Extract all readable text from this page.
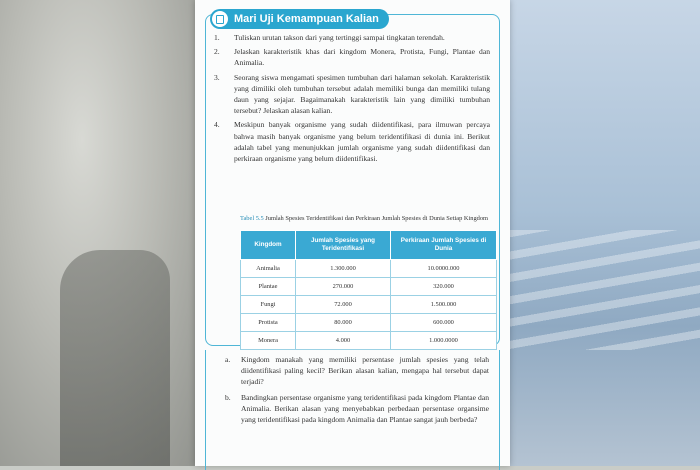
Mari Uji Kemampuan Kalian
1.	Tuliskan urutan takson dari yang tertinggi sampai tingkatan terendah.
2.	Jelaskan karakteristik khas dari kingdom Monera, Protista, Fungi, Plantae dan Animalia.
3.	Seorang siswa mengamati spesimen tumbuhan dari halaman sekolah. Karakteristik yang dimiliki oleh tumbuhan tersebut adalah memiliki bunga dan memiliki tulang daun yang sejajar. Bagaimanakah karakteristik lain yang dimiliki tumbuhan tersebut? Jelaskan alasan kalian.
4.	Meskipun banyak organisme yang sudah diidentifikasi, para ilmuwan percaya bahwa masih banyak organisme yang belum teridentifikasi di dunia ini. Berikut adalah tabel yang menunjukkan jumlah organisme yang sudah diidentifikasi dan perkiraan organisme yang belum diidentifikasi.
Tabel 5.5 Jumlah Spesies Teridentifikasi dan Perkiraan Jumlah Spesies di Dunia Setiap Kingdom
Kingdom	Jumlah Spesies yang Teridentifikasi	Perkiraan Jumlah Spesies di Dunia
Animalia	1.300.000	10.0000.000
Plantae	270.000	320.000
Fungi	72.000	1.500.000
Protista	80.000	600.000
Monera	4.000	1.000.0000
a.	Kingdom manakah yang memiliki persentase jumlah spesies yang telah diidentifikasi paling kecil? Berikan alasan kalian, mengapa hal tersebut dapat terjadi?
b.	Bandingkan persentase organisme yang teridentifikasi pada kingdom Plantae dan Animalia. Berikan alasan yang menyebabkan perbedaan persentase organsime yang teridentifikasi pada kingdom Animalia dan Plantae sangat jauh berbeda?
